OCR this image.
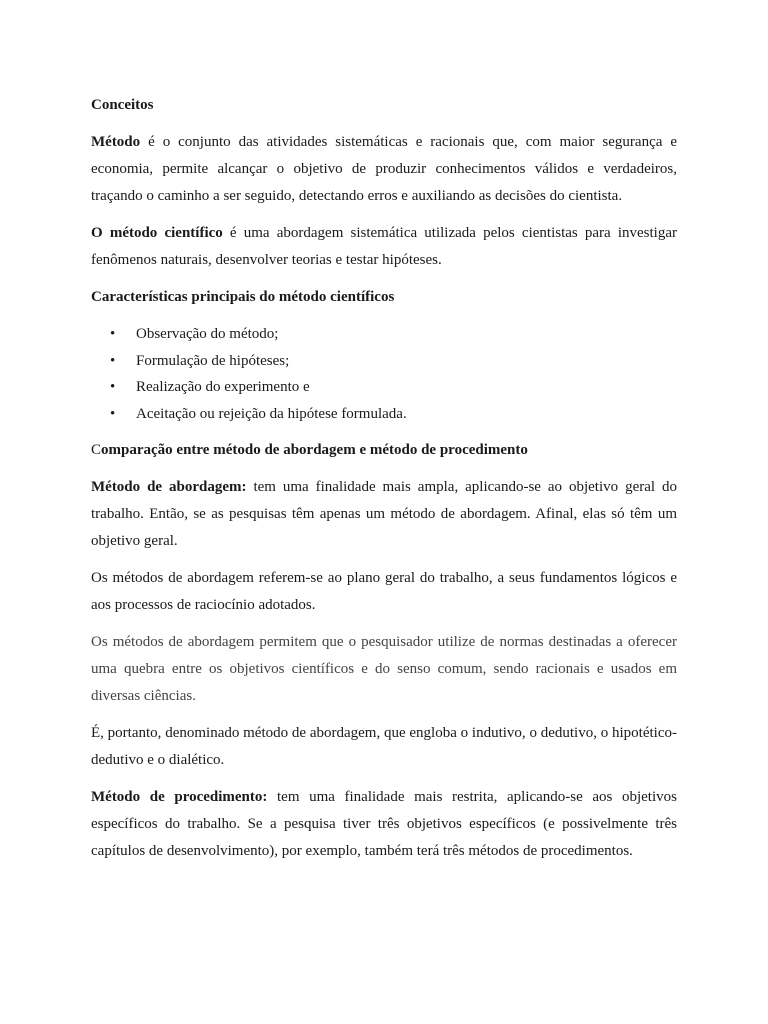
Conceitos

Método é o conjunto das atividades sistemáticas e racionais que, com maior segurança e economia, permite alcançar o objetivo de produzir conhecimentos válidos e verdadeiros, traçando o caminho a ser seguido, detectando erros e auxiliando as decisões do cientista.

O método científico é uma abordagem sistemática utilizada pelos cientistas para investigar fenômenos naturais, desenvolver teorias e testar hipóteses.

Características principais do método científicos

• Observação do método;
• Formulação de hipóteses;
• Realização do experimento e
• Aceitação ou rejeição da hipótese formulada.

Comparação entre método de abordagem e método de procedimento

Método de abordagem: tem uma finalidade mais ampla, aplicando-se ao objetivo geral do trabalho. Então, se as pesquisas têm apenas um método de abordagem. Afinal, elas só têm um objetivo geral.

Os métodos de abordagem referem-se ao plano geral do trabalho, a seus fundamentos lógicos e aos processos de raciocínio adotados.

Os métodos de abordagem permitem que o pesquisador utilize de normas destinadas a oferecer uma quebra entre os objetivos científicos e do senso comum, sendo racionais e usados em diversas ciências.

É, portanto, denominado método de abordagem, que engloba o indutivo, o dedutivo, o hipotético-dedutivo e o dialético.

Método de procedimento: tem uma finalidade mais restrita, aplicando-se aos objetivos específicos do trabalho. Se a pesquisa tiver três objetivos específicos (e possivelmente três capítulos de desenvolvimento), por exemplo, também terá três métodos de procedimentos.
